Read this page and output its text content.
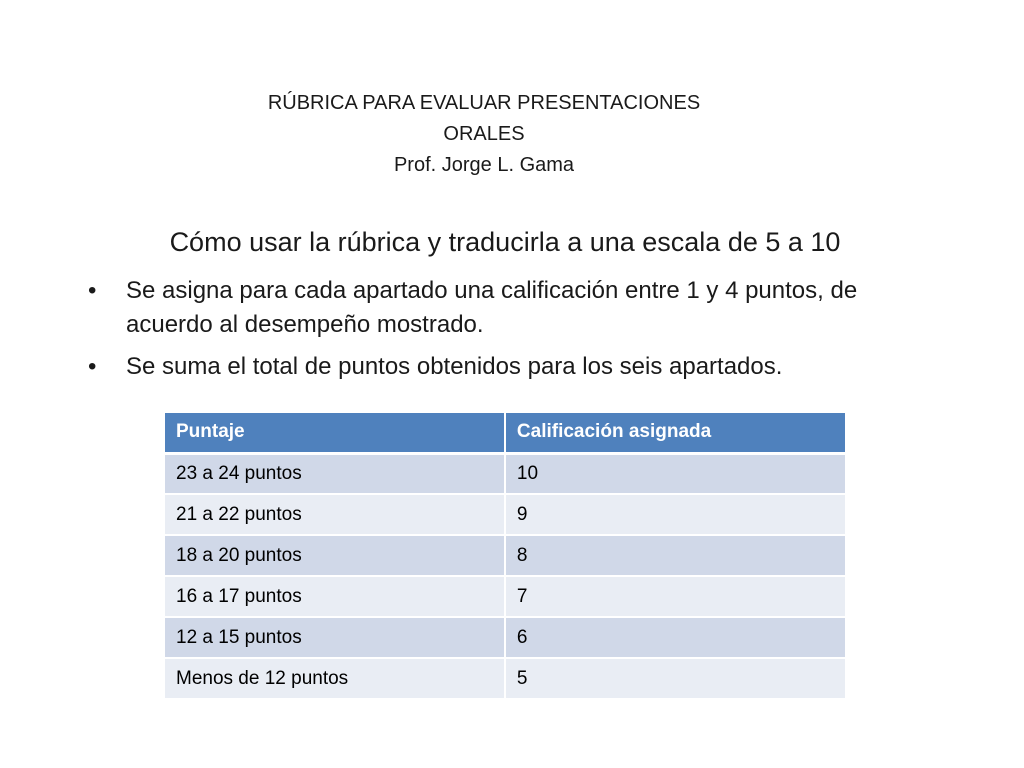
RÚBRICA PARA EVALUAR PRESENTACIONES
ORALES
Prof. Jorge L. Gama
Cómo usar la rúbrica y traducirla a una escala de 5 a 10
• Se asigna para cada apartado una calificación entre 1 y 4 puntos, de acuerdo al desempeño mostrado.
• Se suma el total de puntos obtenidos para los seis apartados.
Puntaje	Calificación asignada
23 a 24 puntos	10
21 a 22 puntos	9
18 a 20 puntos	8
16 a 17 puntos	7
12 a 15 puntos	6
Menos de 12 puntos	5
